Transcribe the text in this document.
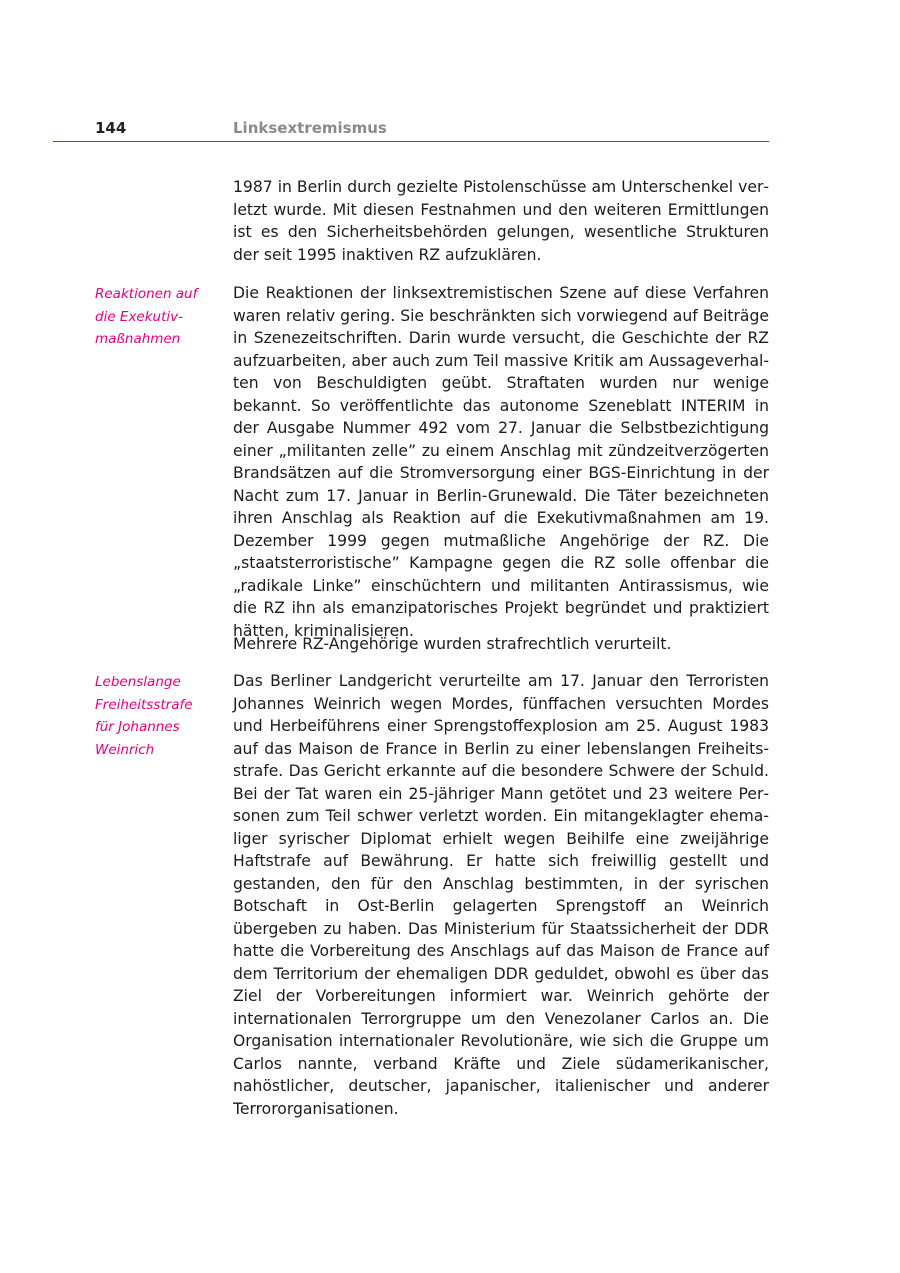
144	Linksextremismus

1987 in Berlin durch gezielte Pistolenschüsse am Unterschenkel verletzt wurde. Mit diesen Festnahmen und den weiteren Ermittlungen ist es den Sicherheitsbehörden gelungen, wesentliche Strukturen der seit 1995 inaktiven RZ aufzuklären.

Reaktionen auf
die Exekutiv-
maßnahmen

Die Reaktionen der linksextremistischen Szene auf diese Verfahren waren relativ gering. Sie beschränkten sich vorwiegend auf Beiträge in Szenezeitschriften. Darin wurde versucht, die Geschichte der RZ aufzuarbeiten, aber auch zum Teil massive Kritik am Aussageverhalten von Beschuldigten geübt. Straftaten wurden nur wenige bekannt. So veröffentlichte das autonome Szeneblatt INTERIM in der Ausgabe Nummer 492 vom 27. Januar die Selbstbezichtigung einer „militanten zelle” zu einem Anschlag mit zündzeitverzögerten Brandsätzen auf die Stromversorgung einer BGS-Einrichtung in der Nacht zum 17. Januar in Berlin-Grunewald. Die Täter bezeichneten ihren Anschlag als Reaktion auf die Exekutivmaßnahmen am 19. Dezember 1999 gegen mutmaßliche Angehörige der RZ. Die „staatsterroristische” Kampagne gegen die RZ solle offenbar die „radikale Linke” einschüchtern und militanten Antirassismus, wie die RZ ihn als emanzipatorisches Projekt begründet und praktiziert hätten, kriminalisieren.

Mehrere RZ-Angehörige wurden strafrechtlich verurteilt.

Lebenslange
Freiheitsstrafe
für Johannes
Weinrich

Das Berliner Landgericht verurteilte am 17. Januar den Terroristen Johannes Weinrich wegen Mordes, fünffachen versuchten Mordes und Herbeiführens einer Sprengstoffexplosion am 25. August 1983 auf das Maison de France in Berlin zu einer lebenslangen Freiheitsstrafe. Das Gericht erkannte auf die besondere Schwere der Schuld. Bei der Tat waren ein 25-jähriger Mann getötet und 23 weitere Personen zum Teil schwer verletzt worden. Ein mitangeklagter ehemaliger syrischer Diplomat erhielt wegen Beihilfe eine zweijährige Haftstrafe auf Bewährung. Er hatte sich freiwillig gestellt und gestanden, den für den Anschlag bestimmten, in der syrischen Botschaft in Ost-Berlin gelagerten Sprengstoff an Weinrich übergeben zu haben. Das Ministerium für Staatssicherheit der DDR hatte die Vorbereitung des Anschlags auf das Maison de France auf dem Territorium der ehemaligen DDR geduldet, obwohl es über das Ziel der Vorbereitungen informiert war. Weinrich gehörte der internationalen Terrorgruppe um den Venezolaner Carlos an. Die Organisation internationaler Revolutionäre, wie sich die Gruppe um Carlos nannte, verband Kräfte und Ziele südamerikanischer, nahöstlicher, deutscher, japanischer, italienischer und anderer Terrororganisationen.
